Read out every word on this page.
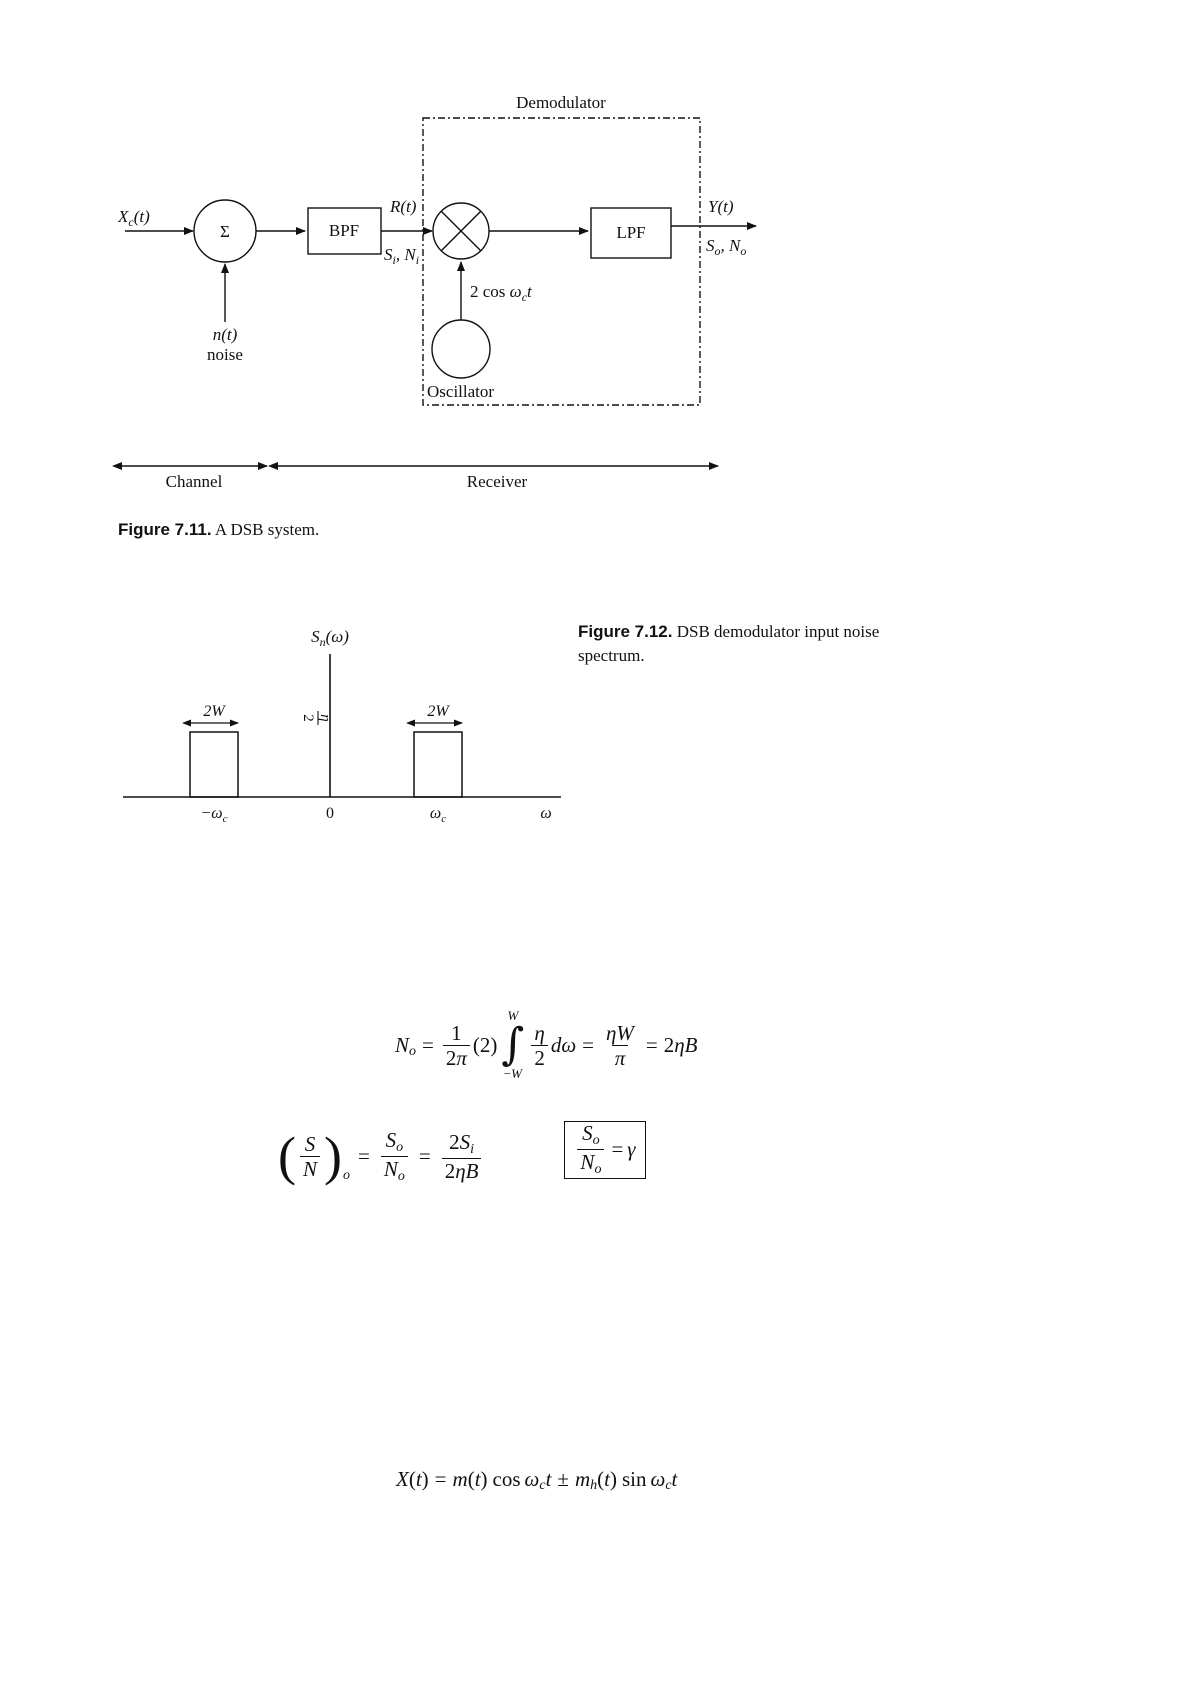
Demodulator
$X_c(t)$
Σ
n(t)
noise
BPF
R(t)
$S_i$, $N_i$
2 $\cos \omega_ct$
Oscillator
LPF
Y(t)
$S_o$, $N_o$
Channel	Receiver
Figure 7.11. A DSB system.
$S_n(\omega)$
η
2
2W	2W
$-\omega_c$	0	$\omega_c$	ω
Figure 7.12. DSB demodulator input noise
spectrum.
N $o = \frac{1}{2\pi} (2)$
W
∫
−W
$\frac{\eta}{2}$ d $\omega = \frac{\eta W}{\pi} = 2\eta B$
( $\frac{S}{N}$ ) o
= $\frac{So}{No} = \frac{2Si}{2\eta B}$	$\frac{So}{No} = \gamma$
X ( t ) = m ( t ) cos ω c t ± m h ( t ) sin ω c t
